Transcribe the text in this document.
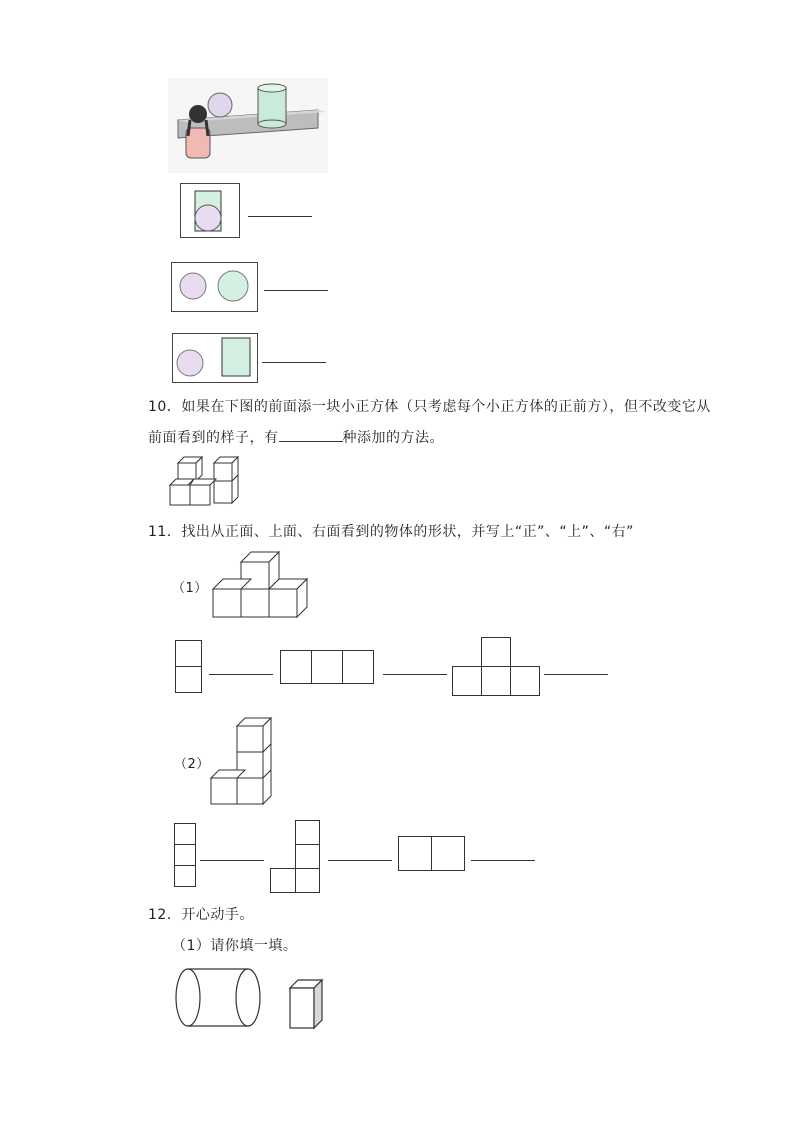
10．如果在下图的前面添一块小正方体（只考虑每个小正方体的正前方），但不改变它从
前面看到的样子，有	种添加的方法。
11．找出从正面、上面、右面看到的物体的形状，并写上“正”、“上”、“右”
（1）
（2）
12．开心动手。
（1）请你填一填。
